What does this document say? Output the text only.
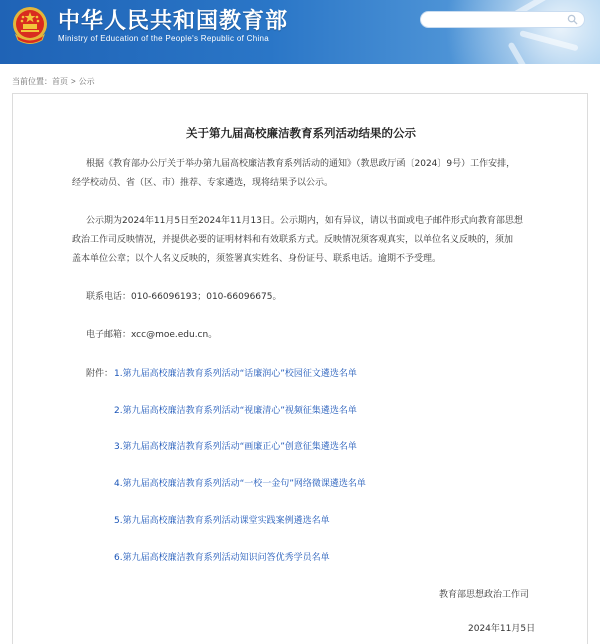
中华人民共和国教育部
Ministry of Education of the People's Republic of China
当前位置：首页 > 公示
关于第九届高校廉洁教育系列活动结果的公示
根据《教育部办公厅关于举办第九届高校廉洁教育系列活动的通知》（教思政厅函〔2024〕9号）工作安排，
经学校动员、省（区、市）推荐、专家遴选，现将结果予以公示。
公示期为2024年11月5日至2024年11月13日。公示期内，如有异议，请以书面或电子邮件形式向教育部思想
政治工作司反映情况，并提供必要的证明材料和有效联系方式。反映情况须客观真实，以单位名义反映的，须加
盖本单位公章；以个人名义反映的，须签署真实姓名、身份证号、联系电话。逾期不予受理。
联系电话：010-66096193；010-66096675。
电子邮箱：xcc@moe.edu.cn。
附件： 1.第九届高校廉洁教育系列活动“话廉润心”校园征文遴选名单
2.第九届高校廉洁教育系列活动“视廉清心”视频征集遴选名单
3.第九届高校廉洁教育系列活动“画廉正心”创意征集遴选名单
4.第九届高校廉洁教育系列活动“一校一金句”网络微课遴选名单
5.第九届高校廉洁教育系列活动课堂实践案例遴选名单
6.第九届高校廉洁教育系列活动知识问答优秀学员名单
教育部思想政治工作司
2024年11月5日
